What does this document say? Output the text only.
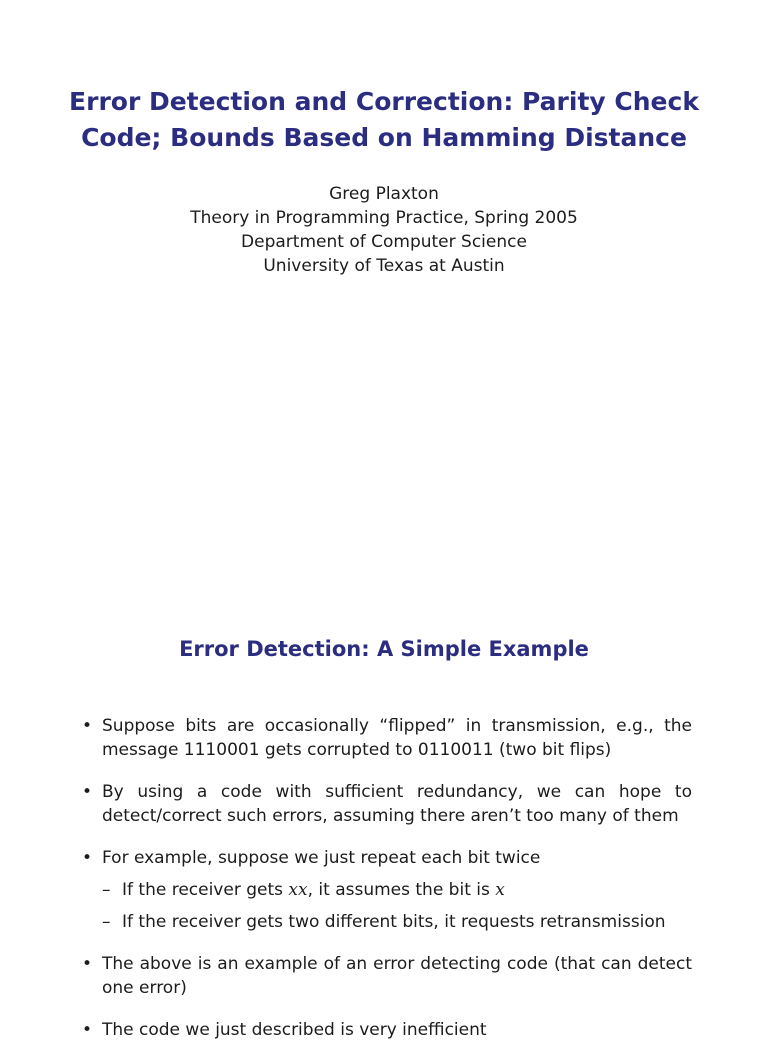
Error Detection and Correction: Parity Check
Code; Bounds Based on Hamming Distance
Greg Plaxton
Theory in Programming Practice, Spring 2005
Department of Computer Science
University of Texas at Austin
Error Detection: A Simple Example
• Suppose bits are occasionally “flipped” in transmission, e.g., the message 1110001 gets corrupted to 0110011 (two bit flips)
• By using a code with sufficient redundancy, we can hope to detect/correct such errors, assuming there aren’t too many of them
• For example, suppose we just repeat each bit twice
– If the receiver gets xx, it assumes the bit is x
– If the receiver gets two different bits, it requests retransmission
• The above is an example of an error detecting code (that can detect one error)
• The code we just described is very inefficient
